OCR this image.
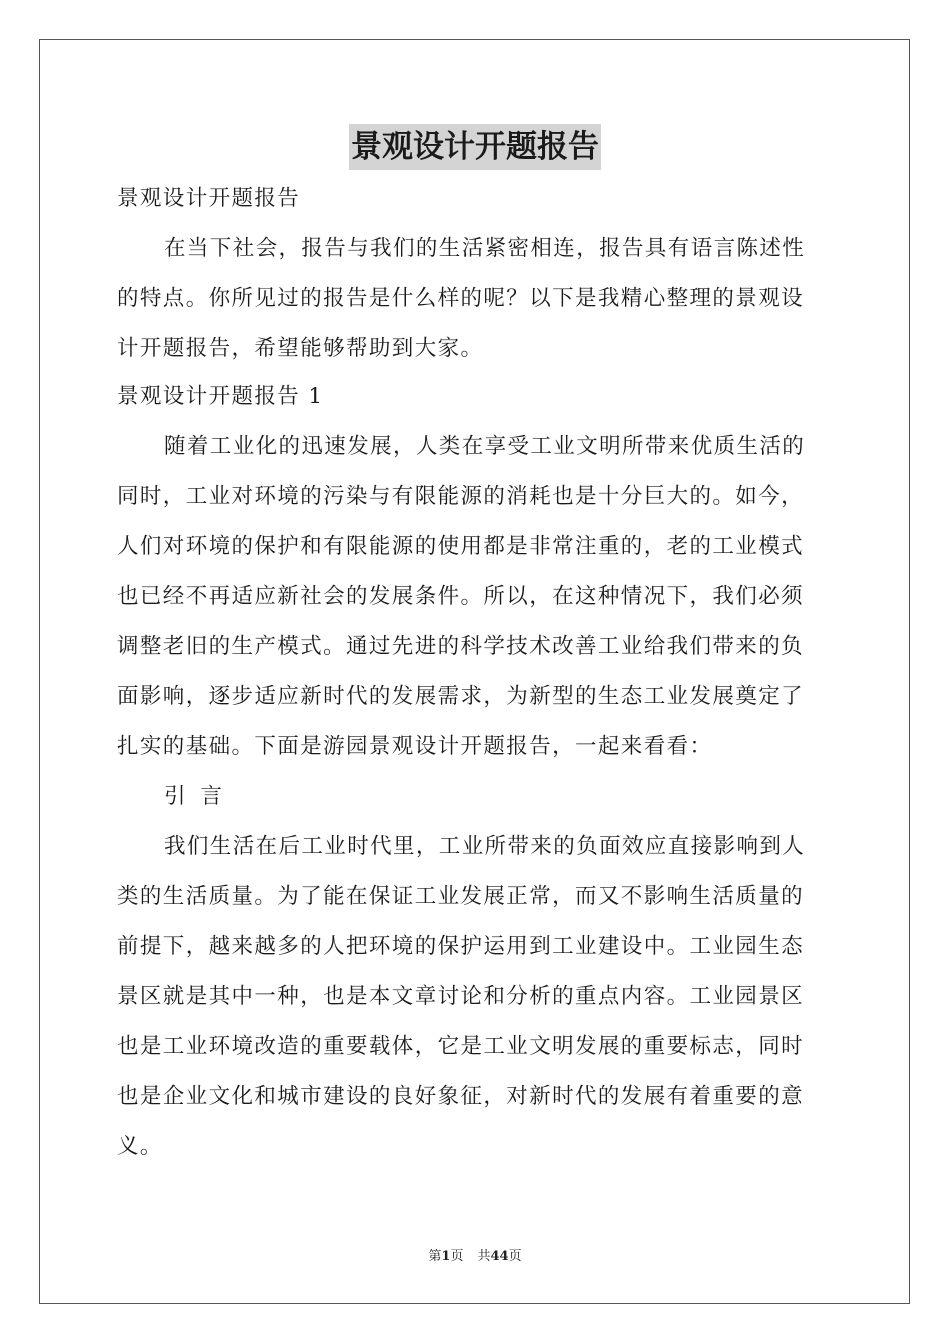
景观设计开题报告
景观设计开题报告
在当下社会，报告与我们的生活紧密相连，报告具有语言陈述性
的特点。你所见过的报告是什么样的呢？以下是我精心整理的景观设
计开题报告，希望能够帮助到大家。
景观设计开题报告 1
随着工业化的迅速发展，人类在享受工业文明所带来优质生活的
同时，工业对环境的污染与有限能源的消耗也是十分巨大的。如今，
人们对环境的保护和有限能源的使用都是非常注重的，老的工业模式
也已经不再适应新社会的发展条件。所以，在这种情况下，我们必须
调整老旧的生产模式。通过先进的科学技术改善工业给我们带来的负
面影响，逐步适应新时代的发展需求，为新型的生态工业发展奠定了
扎实的基础。下面是游园景观设计开题报告，一起来看看：
引 言
我们生活在后工业时代里，工业所带来的负面效应直接影响到人
类的生活质量。为了能在保证工业发展正常，而又不影响生活质量的
前提下，越来越多的人把环境的保护运用到工业建设中。工业园生态
景区就是其中一种，也是本文章讨论和分析的重点内容。工业园景区
也是工业环境改造的重要载体，它是工业文明发展的重要标志，同时
也是企业文化和城市建设的良好象征，对新时代的发展有着重要的意
义。
第1页 共44页
